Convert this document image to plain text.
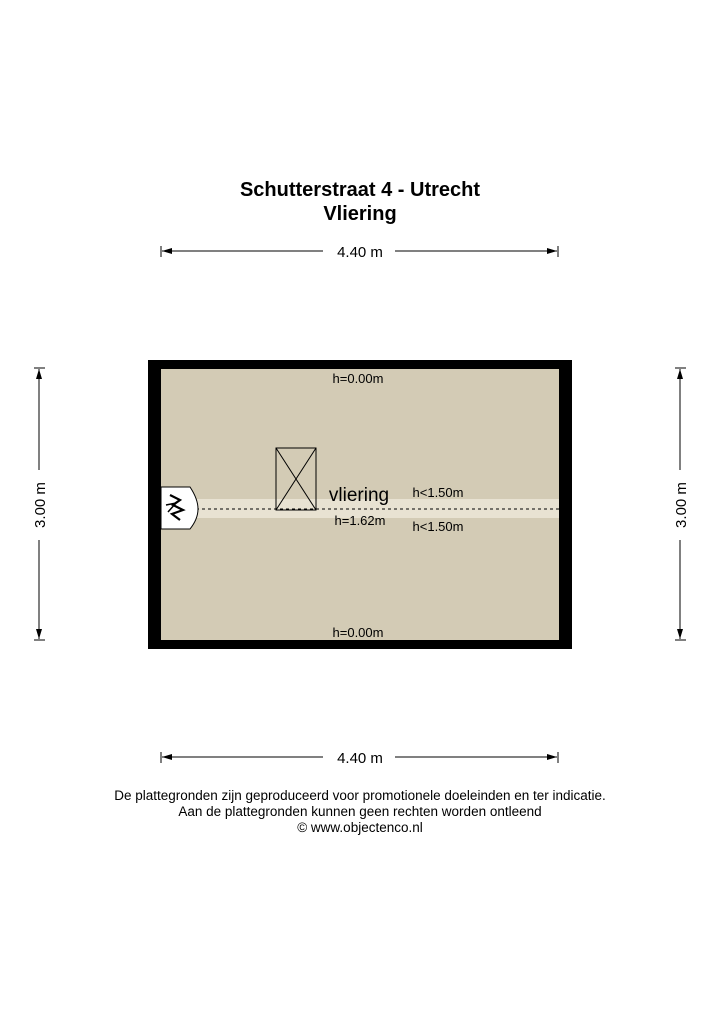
Schutterstraat 4 - Utrecht
Vliering
4.40 m
4.40 m
3.00 m	3.00 m
h=0.00m
h=0.00m
vliering h<1.50m
h=1.62m h<1.50m
De plattegronden zijn geproduceerd voor promotionele doeleinden en ter indicatie.
Aan de plattegronden kunnen geen rechten worden ontleend
© www.objectenco.nl
